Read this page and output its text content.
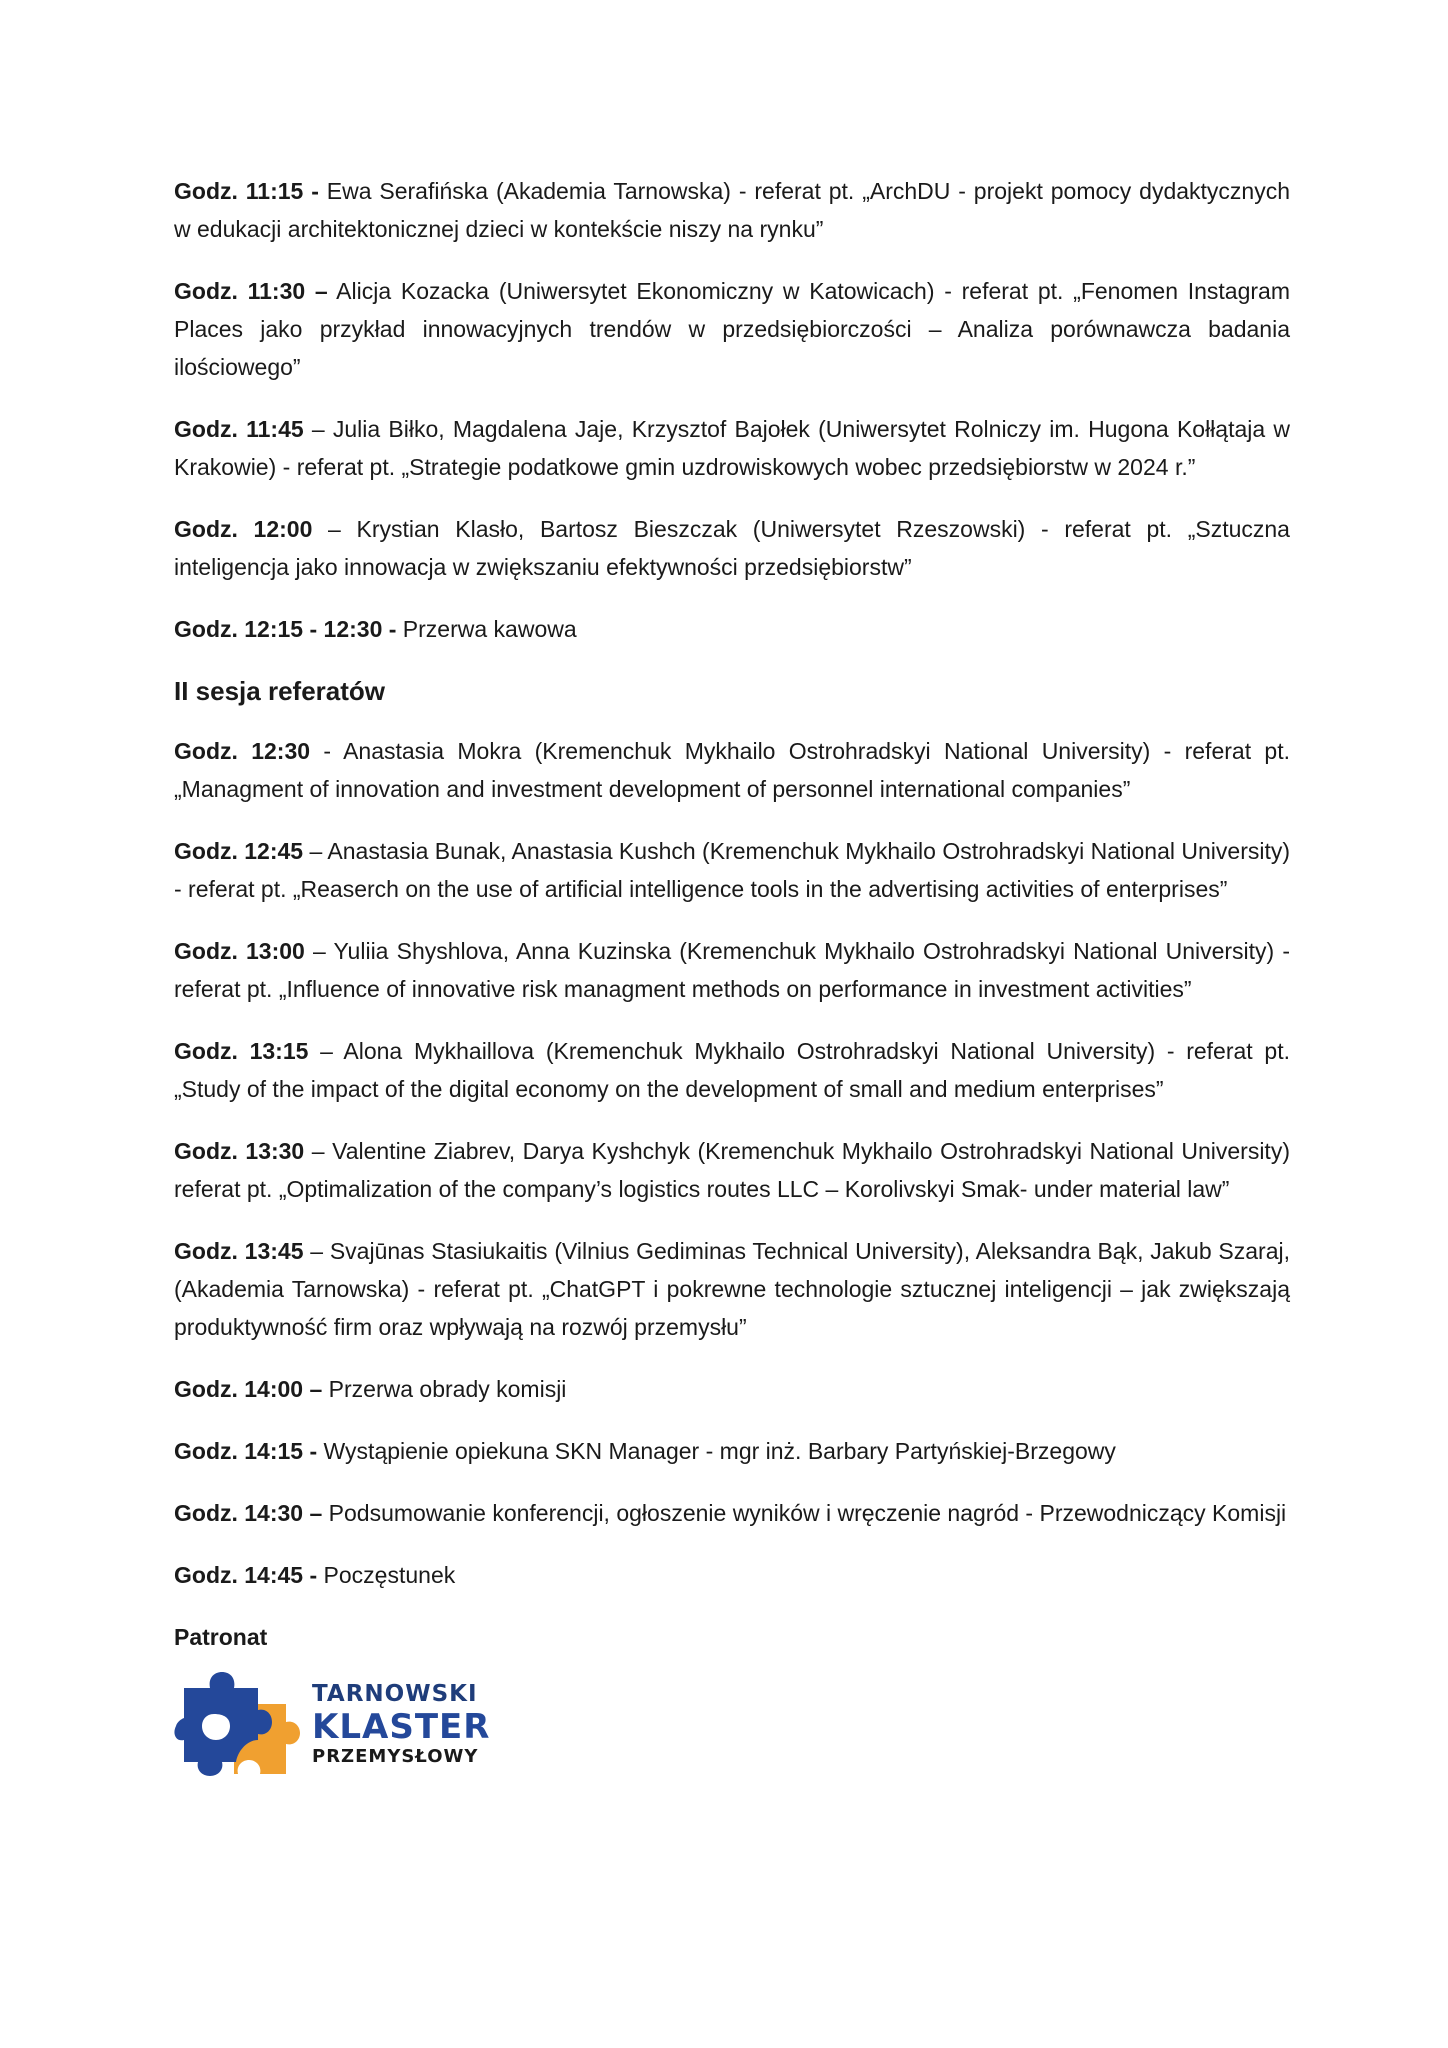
Godz. 11:15 - Ewa Serafińska (Akademia Tarnowska) - referat pt. „ArchDU - projekt pomocy dydaktycznych w edukacji architektonicznej dzieci w kontekście niszy na rynku”

Godz. 11:30 – Alicja Kozacka (Uniwersytet Ekonomiczny w Katowicach) - referat pt. „Fenomen Instagram Places jako przykład innowacyjnych trendów w przedsiębiorczości – Analiza porównawcza badania ilościowego”

Godz. 11:45 – Julia Biłko, Magdalena Jaje, Krzysztof Bajołek (Uniwersytet Rolniczy im. Hugona Kołłątaja w Krakowie) - referat pt. „Strategie podatkowe gmin uzdrowiskowych wobec przedsiębiorstw w 2024 r.”

Godz. 12:00 – Krystian Klasło, Bartosz Bieszczak (Uniwersytet Rzeszowski) - referat pt. „Sztuczna inteligencja jako innowacja w zwiększaniu efektywności przedsiębiorstw”

Godz. 12:15 - 12:30 - Przerwa kawowa

II sesja referatów

Godz. 12:30 - Anastasia Mokra (Kremenchuk Mykhailo Ostrohradskyi National University) - referat pt. „Managment of innovation and investment development of personnel international companies”

Godz. 12:45 – Anastasia Bunak, Anastasia Kushch (Kremenchuk Mykhailo Ostrohradskyi National University) - referat pt. „Reaserch on the use of artificial intelligence tools in the advertising activities of enterprises”

Godz. 13:00 – Yuliia Shyshlova, Anna Kuzinska (Kremenchuk Mykhailo Ostrohradskyi National University) - referat pt. „Influence of innovative risk managment methods on performance in investment activities”

Godz. 13:15 – Alona Mykhaillova (Kremenchuk Mykhailo Ostrohradskyi National University) - referat pt. „Study of the impact of the digital economy on the development of small and medium enterprises”

Godz. 13:30 – Valentine Ziabrev, Darya Kyshchyk (Kremenchuk Mykhailo Ostrohradskyi National University) referat pt. „Optimalization of the company’s logistics routes LLC – Korolivskyi Smak- under material law”

Godz. 13:45 – Svajūnas Stasiukaitis (Vilnius Gediminas Technical University), Aleksandra Bąk, Jakub Szaraj, (Akademia Tarnowska) - referat pt. „ChatGPT i pokrewne technologie sztucznej inteligencji – jak zwiększają produktywność firm oraz wpływają na rozwój przemysłu”

Godz. 14:00 – Przerwa obrady komisji

Godz. 14:15 - Wystąpienie opiekuna SKN Manager - mgr inż. Barbary Partyńskiej-Brzegowy

Godz. 14:30 – Podsumowanie konferencji, ogłoszenie wyników i wręczenie nagród - Przewodniczący Komisji

Godz. 14:45 - Poczęstunek

Patronat
TARNOWSKI
KLASTER
PRZEMYSŁOWY
